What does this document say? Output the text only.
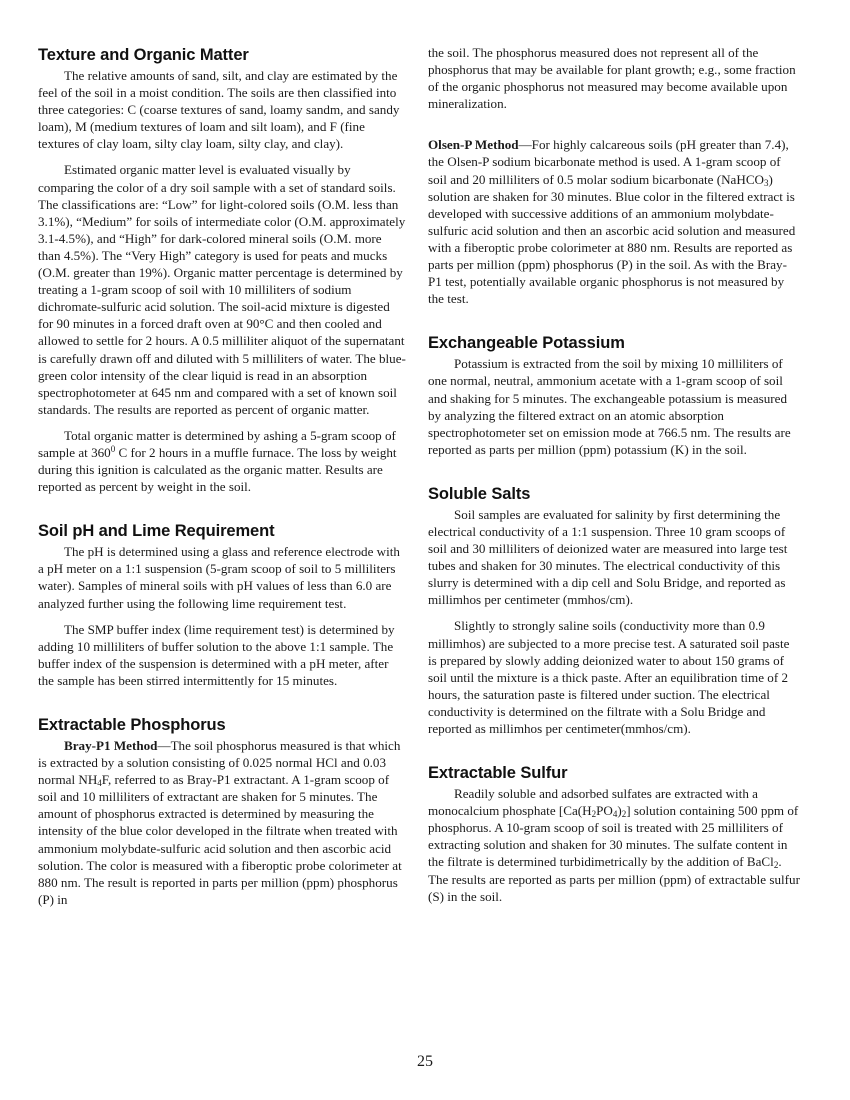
Texture and Organic Matter

The relative amounts of sand, silt, and clay are estimated by the feel of the soil in a moist condition. The soils are then classified into three categories: C (coarse textures of sand, loamy sandm, and sandy loam), M (medium textures of loam and silt loam), and F (fine textures of clay loam, silty clay loam, silty clay, and clay).

Estimated organic matter level is evaluated visually by comparing the color of a dry soil sample with a set of standard soils. The classifications are: “Low” for light-colored soils (O.M. less than 3.1%), “Medium” for soils of intermediate color (O.M. approximately 3.1-4.5%), and “High” for dark-colored mineral soils (O.M. more than 4.5%). The “Very High” category is used for peats and mucks (O.M. greater than 19%). Organic matter percentage is determined by treating a 1-gram scoop of soil with 10 milliliters of sodium dichromate-sulfuric acid solution. The soil-acid mixture is digested for 90 minutes in a forced draft oven at 90°C and then cooled and allowed to settle for 2 hours. A 0.5 milliliter aliquot of the supernatant is carefully drawn off and diluted with 5 milliliters of water. The blue-green color intensity of the clear liquid is read in an absorption spectrophotometer at 645 nm and compared with a set of known soil standards. The results are reported as percent of organic matter.

Total organic matter is determined by ashing a 5-gram scoop of sample at $360^0$ C for 2 hours in a muffle furnace. The loss by weight during this ignition is calculated as the organic matter. Results are reported as percent by weight in the soil.

Soil pH and Lime Requirement

The pH is determined using a glass and reference electrode with a pH meter on a 1:1 suspension (5-gram scoop of soil to 5 milliliters water). Samples of mineral soils with pH values of less than 6.0 are analyzed further using the following lime requirement test.

The SMP buffer index (lime requirement test) is determined by adding 10 milliliters of buffer solution to the above 1:1 sample. The buffer index of the suspension is determined with a pH meter, after the sample has been stirred intermittently for 15 minutes.

Extractable Phosphorus

Bray-P1 Method—The soil phosphorus measured is that which is extracted by a solution consisting of 0.025 normal HCl and 0.03 normal $NH_4F$, referred to as Bray-P1 extractant. A 1-gram scoop of soil and 10 milliliters of extractant are shaken for 5 minutes. The amount of phosphorus extracted is determined by measuring the intensity of the blue color developed in the filtrate when treated with ammonium molybdate-sulfuric acid solution and then ascorbic acid solution. The color is measured with a fiberoptic probe colorimeter at 880 nm. The result is reported in parts per million (ppm) phosphorus (P) in

the soil. The phosphorus measured does not represent all of the phosphorus that may be available for plant growth; e.g., some fraction of the organic phosphorus not measured may become available upon mineralization.

Olsen-P Method—For highly calcareous soils (pH greater than 7.4), the Olsen-P sodium bicarbonate method is used. A 1-gram scoop of soil and 20 milliliters of 0.5 molar sodium bicarbonate (NaHCO$_3$) solution are shaken for 30 minutes. Blue color in the filtered extract is developed with successive additions of an ammonium molybdate-sulfuric acid solution and then an ascorbic acid solution and measured with a fiberoptic probe colorimeter at 880 nm. Results are reported as parts per million (ppm) phosphorus (P) in the soil. As with the Bray-P1 test, potentially available organic phosphorus is not measured by the test.

Exchangeable Potassium

Potassium is extracted from the soil by mixing 10 milliliters of one normal, neutral, ammonium acetate with a 1-gram scoop of soil and shaking for 5 minutes. The exchangeable potassium is measured by analyzing the filtered extract on an atomic absorption spectrophotometer set on emission mode at 766.5 nm. The results are reported as parts per million (ppm) potassium (K) in the soil.

Soluble Salts

Soil samples are evaluated for salinity by first determining the electrical conductivity of a 1:1 suspension. Three 10 gram scoops of soil and 30 milliliters of deionized water are measured into large test tubes and shaken for 30 minutes. The electrical conductivity of this slurry is determined with a dip cell and Solu Bridge, and reported as millimhos per centimeter (mmhos/cm).

Slightly to strongly saline soils (conductivity more than 0.9 millimhos) are subjected to a more precise test. A saturated soil paste is prepared by slowly adding deionized water to about 150 grams of soil until the mixture is a thick paste. After an equilibration time of 2 hours, the saturation paste is filtered under suction. The electrical conductivity is determined on the filtrate with a Solu Bridge and reported as millimhos per centimeter(mmhos/cm).

Extractable Sulfur

Readily soluble and adsorbed sulfates are extracted with a monocalcium phosphate $[Ca(H_2PO_4)_2]$ solution containing 500 ppm of phosphorus. A 10-gram scoop of soil is treated with 25 milliliters of extracting solution and shaken for 30 minutes. The sulfate content in the filtrate is determined turbidimetrically by the addition of BaCl$_2$. The results are reported as parts per million (ppm) of extractable sulfur (S) in the soil.

25
